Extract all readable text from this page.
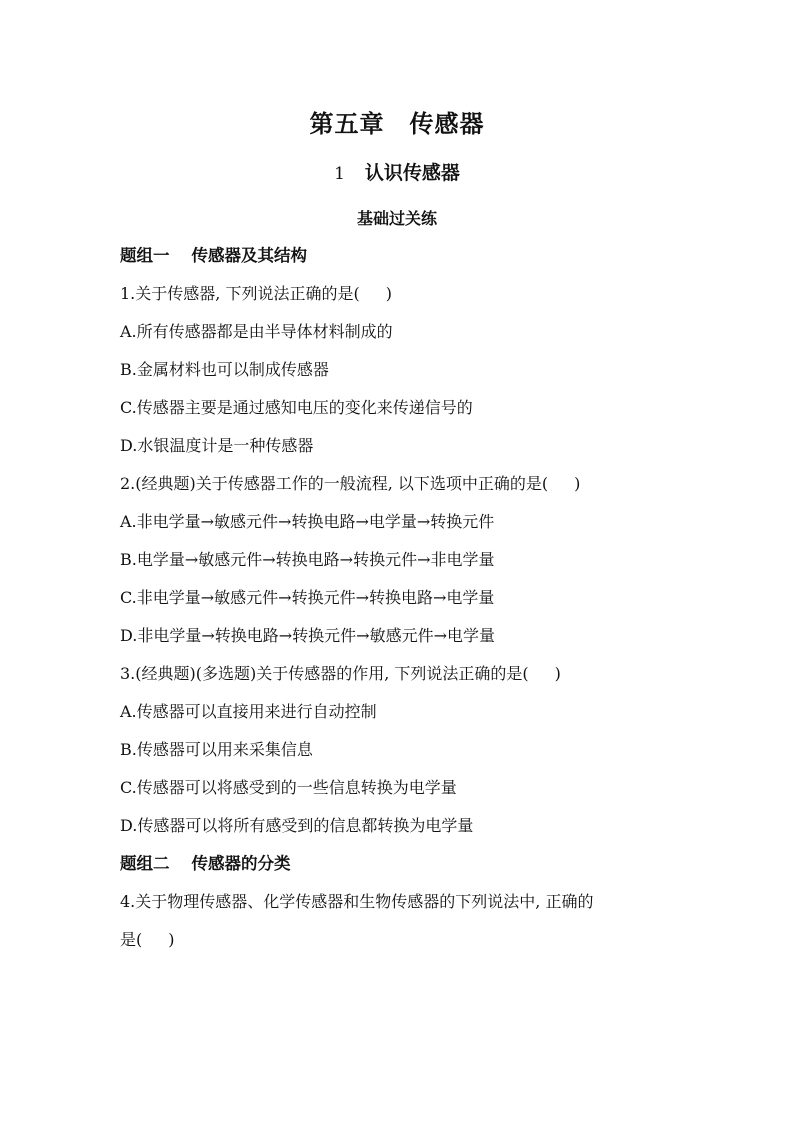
第五章　传感器
1 认识传感器
基础过关练
题组一 传感器及其结构
1.关于传感器, 下列说法正确的是( )
A.所有传感器都是由半导体材料制成的
B.金属材料也可以制成传感器
C.传感器主要是通过感知电压的变化来传递信号的
D.水银温度计是一种传感器
2.(经典题)关于传感器工作的一般流程, 以下选项中正确的是( )
A.非电学量→敏感元件→转换电路→电学量→转换元件
B.电学量→敏感元件→转换电路→转换元件→非电学量
C.非电学量→敏感元件→转换元件→转换电路→电学量
D.非电学量→转换电路→转换元件→敏感元件→电学量
3.(经典题)(多选题)关于传感器的作用, 下列说法正确的是( )
A.传感器可以直接用来进行自动控制
B.传感器可以用来采集信息
C.传感器可以将感受到的一些信息转换为电学量
D.传感器可以将所有感受到的信息都转换为电学量
题组二 传感器的分类
4.关于物理传感器、化学传感器和生物传感器的下列说法中, 正确的
是( )
